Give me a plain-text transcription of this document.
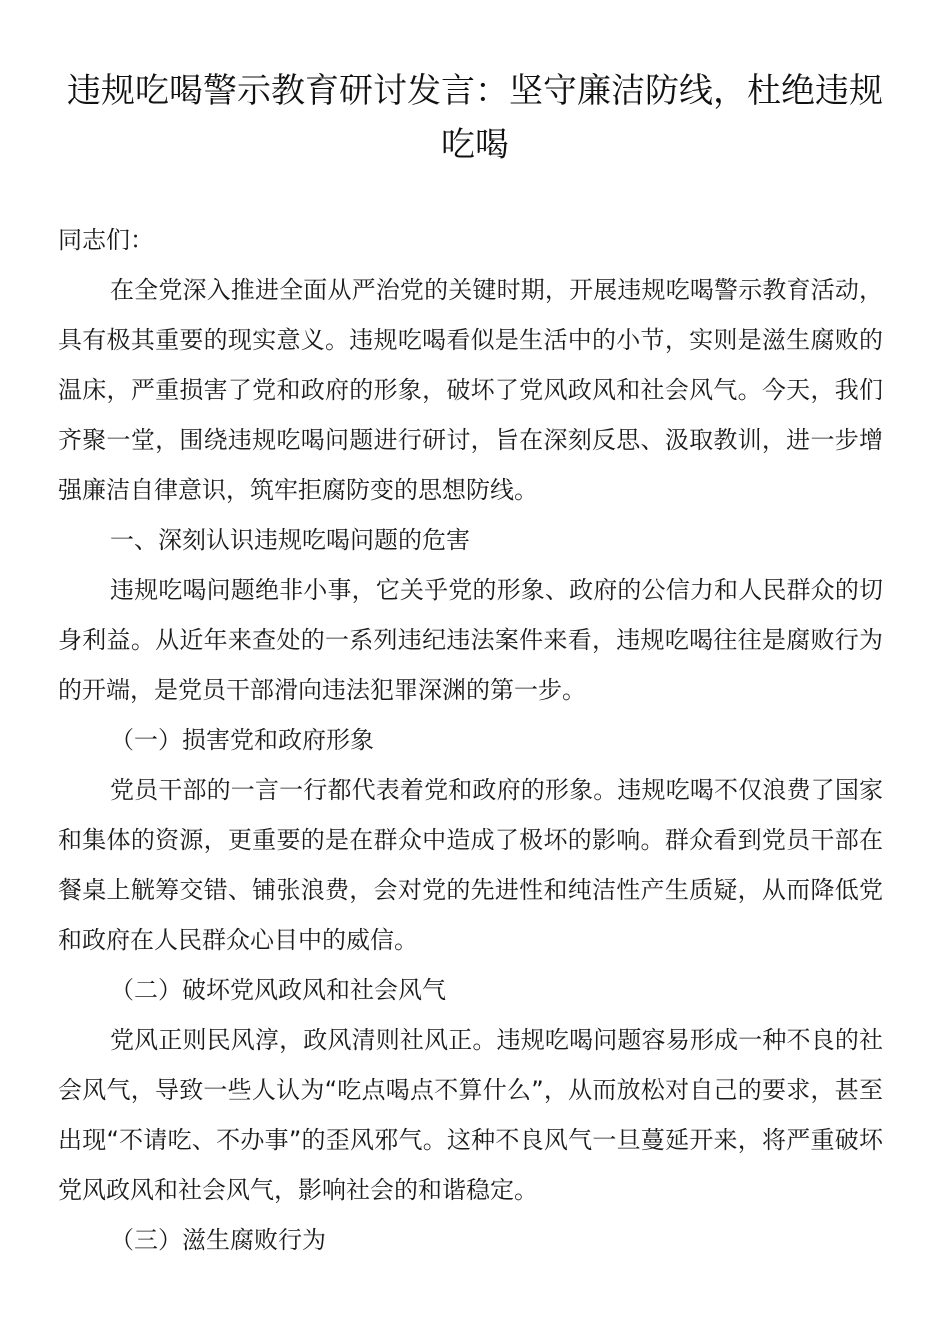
违规吃喝警示教育研讨发言：坚守廉洁防线，杜绝违规吃喝

同志们：

在全党深入推进全面从严治党的关键时期，开展违规吃喝警示教育活动，具有极其重要的现实意义。违规吃喝看似是生活中的小节，实则是滋生腐败的温床，严重损害了党和政府的形象，破坏了党风政风和社会风气。今天，我们齐聚一堂，围绕违规吃喝问题进行研讨，旨在深刻反思、汲取教训，进一步增强廉洁自律意识，筑牢拒腐防变的思想防线。

一、深刻认识违规吃喝问题的危害

违规吃喝问题绝非小事，它关乎党的形象、政府的公信力和人民群众的切身利益。从近年来查处的一系列违纪违法案件来看，违规吃喝往往是腐败行为的开端，是党员干部滑向违法犯罪深渊的第一步。

（一）损害党和政府形象

党员干部的一言一行都代表着党和政府的形象。违规吃喝不仅浪费了国家和集体的资源，更重要的是在群众中造成了极坏的影响。群众看到党员干部在餐桌上觥筹交错、铺张浪费，会对党的先进性和纯洁性产生质疑，从而降低党和政府在人民群众心目中的威信。

（二）破坏党风政风和社会风气

党风正则民风淳，政风清则社风正。违规吃喝问题容易形成一种不良的社会风气，导致一些人认为“吃点喝点不算什么”，从而放松对自己的要求，甚至出现“不请吃、不办事”的歪风邪气。这种不良风气一旦蔓延开来，将严重破坏党风政风和社会风气，影响社会的和谐稳定。

（三）滋生腐败行为
